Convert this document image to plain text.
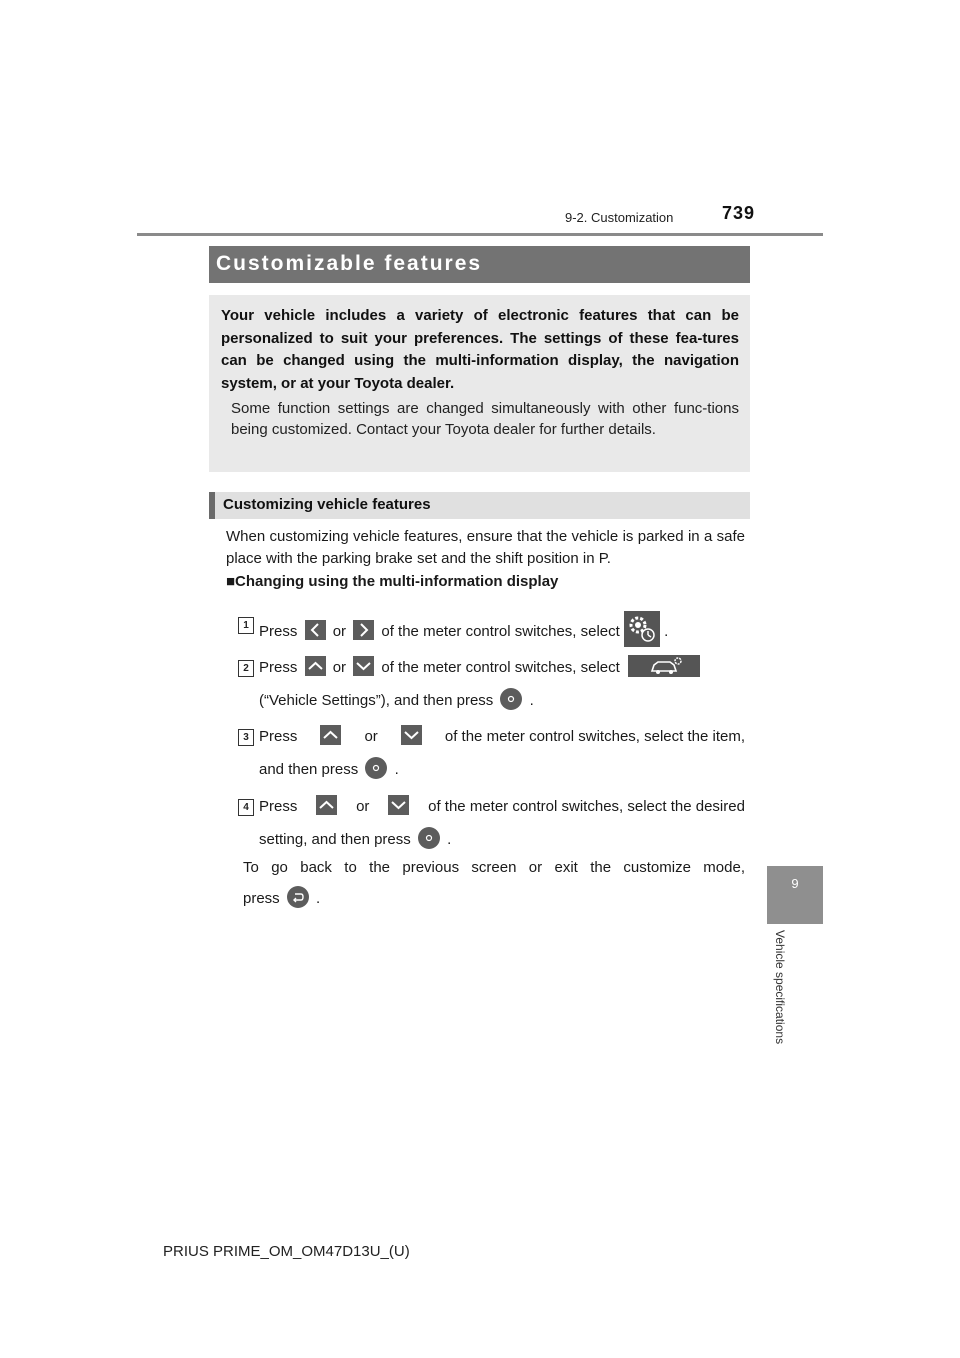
9-2. Customization	739
9
Vehicle specifications
Customizable features
Your vehicle includes a variety of electronic features that can be personalized to suit your preferences. The settings of these fea-tures can be changed using the multi-information display, the navigation system, or at your Toyota dealer.
Some function settings are changed simultaneously with other func-tions being customized. Contact your Toyota dealer for further details.
Customizing vehicle features
When customizing vehicle features, ensure that the vehicle is parked in a safe place with the parking brake set and the shift position in P.
■Changing using the multi-information display
1 Press or of the meter control switches, select	.
2 Press or of the meter control switches, select
(“Vehicle Settings”), and then press .
3 Press	or	of the meter control switches, select the item,
and then press .
4 Press	or	of the meter control switches, select the desired
setting, and then press .
To go back to the previous screen or exit the customize mode,
press .
PRIUS PRIME_OM_OM47D13U_(U)
